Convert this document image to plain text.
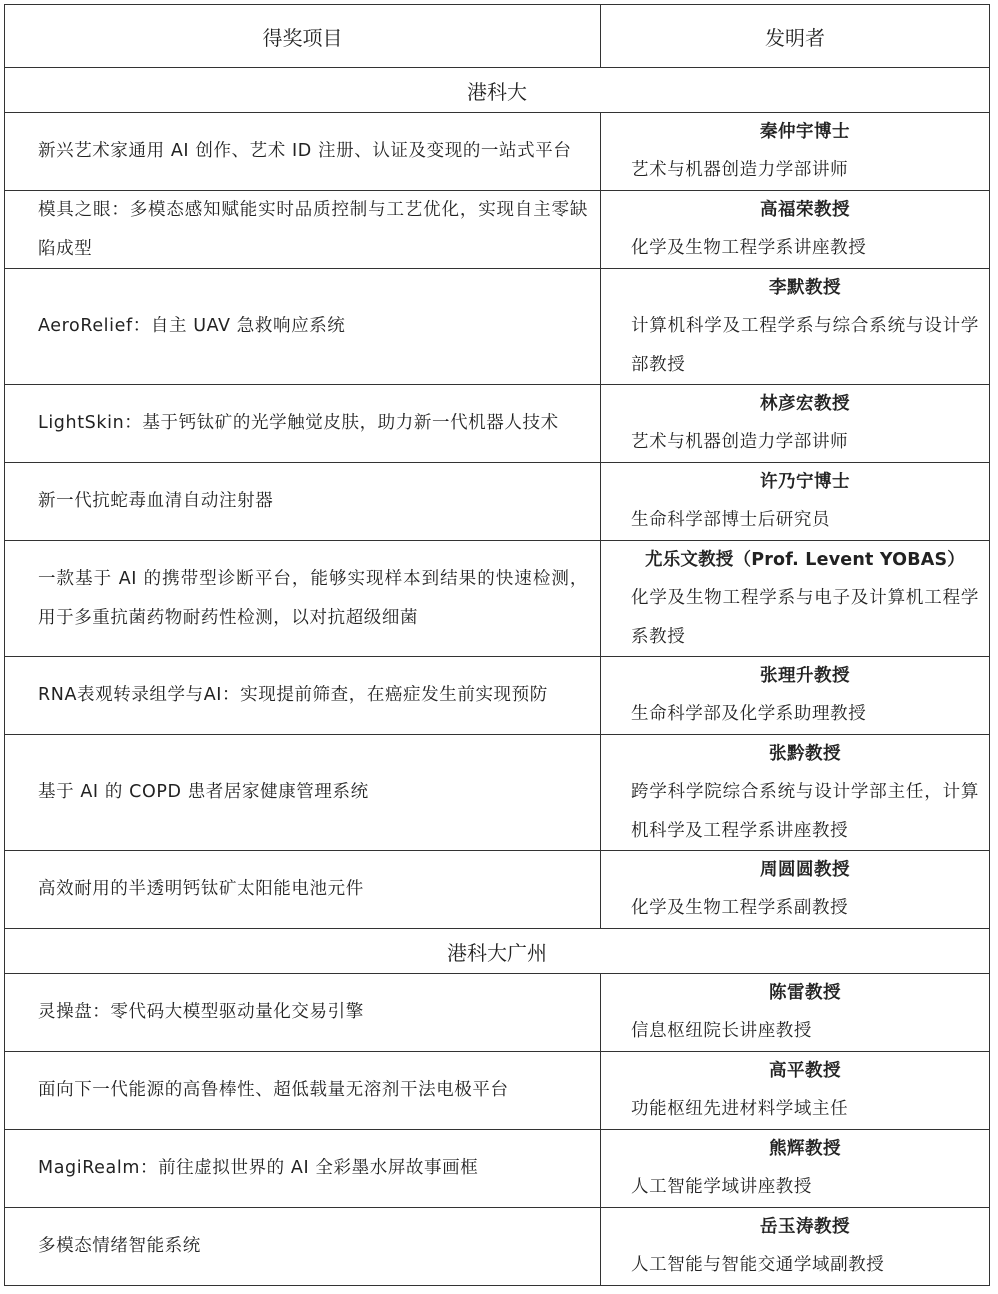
得奖项目	发明者
港科大	
新兴艺术家通用 AI 创作、艺术 ID 注册、认证及变现的一站式平台	秦仲宇博士
艺术与机器创造力学部讲师

模具之眼：多模态感知赋能实时品质控制与工艺优化，实现自主零缺陷成型	高福荣教授
化学及生物工程学系讲座教授

AeroRelief：自主 UAV 急救响应系统	李默教授
计算机科学及工程学系与综合系统与设计学部教授

LightSkin：基于钙钛矿的光学触觉皮肤，助力新一代机器人技术	林彦宏教授
艺术与机器创造力学部讲师

新一代抗蛇毒血清自动注射器	许乃宁博士
生命科学部博士后研究员

一款基于 AI 的携带型诊断平台，能够实现样本到结果的快速检测，用于多重抗菌药物耐药性检测，以对抗超级细菌	尤乐文教授（Prof. Levent YOBAS）
化学及生物工程学系与电子及计算机工程学系教授

RNA表观转录组学与AI：实现提前筛查，在癌症发生前实现预防	张理升教授
生命科学部及化学系助理教授

基于 AI 的 COPD 患者居家健康管理系统	张黔教授
跨学科学院综合系统与设计学部主任，计算机科学及工程学系讲座教授

高效耐用的半透明钙钛矿太阳能电池元件	周圆圆教授
化学及生物工程学系副教授

港科大广州	
灵操盘：零代码大模型驱动量化交易引擎	陈雷教授
信息枢纽院长讲座教授

面向下一代能源的高鲁棒性、超低载量无溶剂干法电极平台	高平教授
功能枢纽先进材料学域主任

MagiRealm：前往虚拟世界的 AI 全彩墨水屏故事画框	熊辉教授
人工智能学域讲座教授

多模态情绪智能系统	岳玉涛教授
人工智能与智能交通学域副教授
